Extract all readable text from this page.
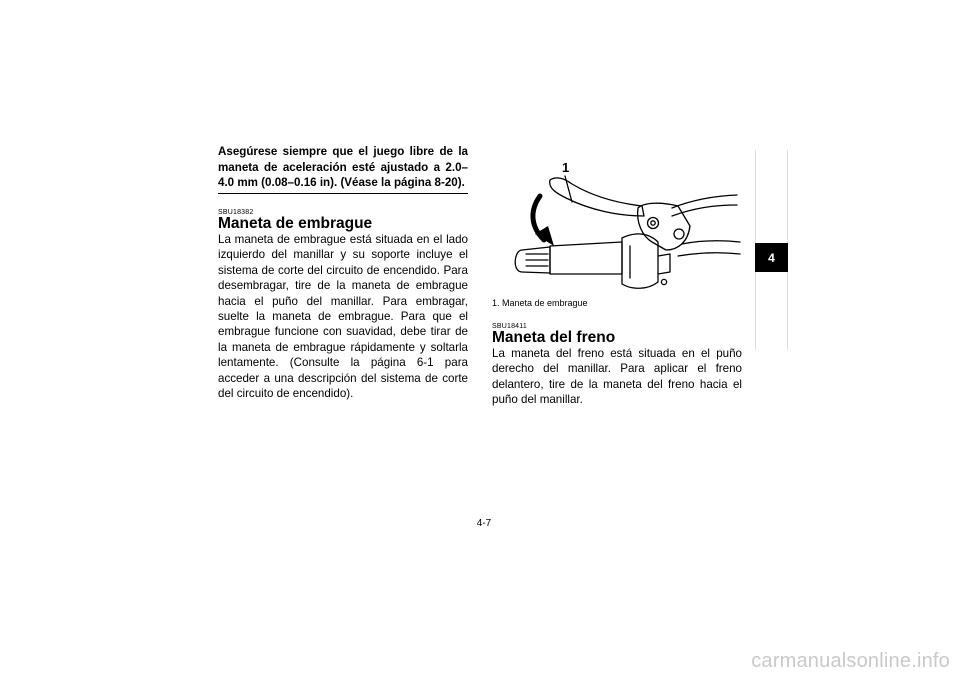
Asegúrese siempre que el juego libre de la maneta de aceleración esté ajustado a 2.0–4.0 mm (0.08–0.16 in). (Véase la página 8-20).
SBU18382
Maneta de embrague
La maneta de embrague está situada en el lado izquierdo del manillar y su soporte incluye el sistema de corte del circuito de encendido. Para desembragar, tire de la maneta de embrague hacia el puño del manillar. Para embragar, suelte la maneta de embrague. Para que el embrague funcione con suavidad, debe tirar de la maneta de embrague rápidamente y soltarla lentamente. (Consulte la página 6-1 para acceder a una descripción del sistema de corte del circuito de encendido).
1
1. Maneta de embrague
SBU18411
Maneta del freno
La maneta del freno está situada en el puño derecho del manillar. Para aplicar el freno delantero, tire de la maneta del freno hacia el puño del manillar.
4
4-7
carmanualsonline.info
